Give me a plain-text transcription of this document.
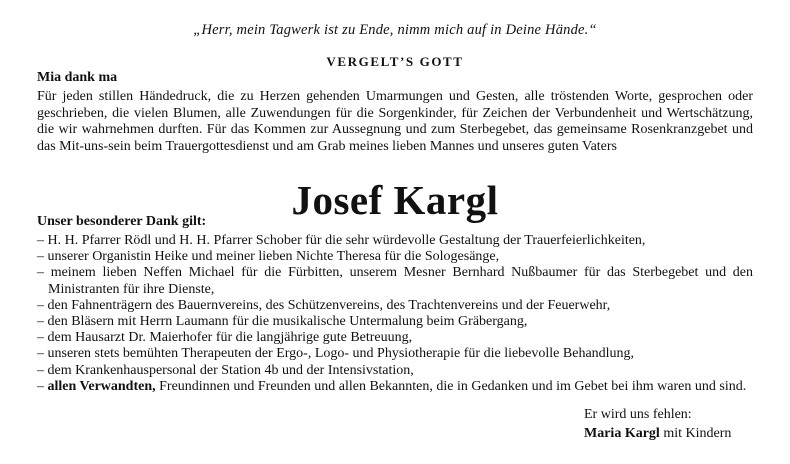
„Herr, mein Tagwerk ist zu Ende, nimm mich auf in Deine Hände.“
VERGELT’S GOTT
Mia dank ma
Für jeden stillen Händedruck, die zu Herzen gehenden Umarmungen und Gesten, alle tröstenden Worte, gesprochen oder geschrieben, die vielen Blumen, alle Zuwendungen für die Sorgenkinder, für Zeichen der Verbundenheit und Wertschätzung, die wir wahrnehmen durften. Für das Kommen zur Aussegnung und zum Sterbegebet, das gemeinsame Rosenkranzgebet und das Mit-uns-sein beim Trauergottesdienst und am Grab meines lieben Mannes und unseres guten Vaters
Josef Kargl
Unser besonderer Dank gilt:
– H. H. Pfarrer Rödl und H. H. Pfarrer Schober für die sehr würdevolle Gestaltung der Trauerfeierlichkeiten,
– unserer Organistin Heike und meiner lieben Nichte Theresa für die Sologesänge,
– meinem lieben Neffen Michael für die Fürbitten, unserem Mesner Bernhard Nußbaumer für das Sterbegebet und den Ministranten für ihre Dienste,
– den Fahnenträgern des Bauernvereins, des Schützenvereins, des Trachtenvereins und der Feuerwehr,
– den Bläsern mit Herrn Laumann für die musikalische Untermalung beim Gräbergang,
– dem Hausarzt Dr. Maierhofer für die langjährige gute Betreuung,
– unseren stets bemühten Therapeuten der Ergo-, Logo- und Physiotherapie für die liebevolle Behandlung,
– dem Krankenhauspersonal der Station 4b und der Intensivstation,
– allen Verwandten, Freundinnen und Freunden und allen Bekannten, die in Gedanken und im Gebet bei ihm waren und sind.
Er wird uns fehlen:
Maria Kargl mit Kindern
